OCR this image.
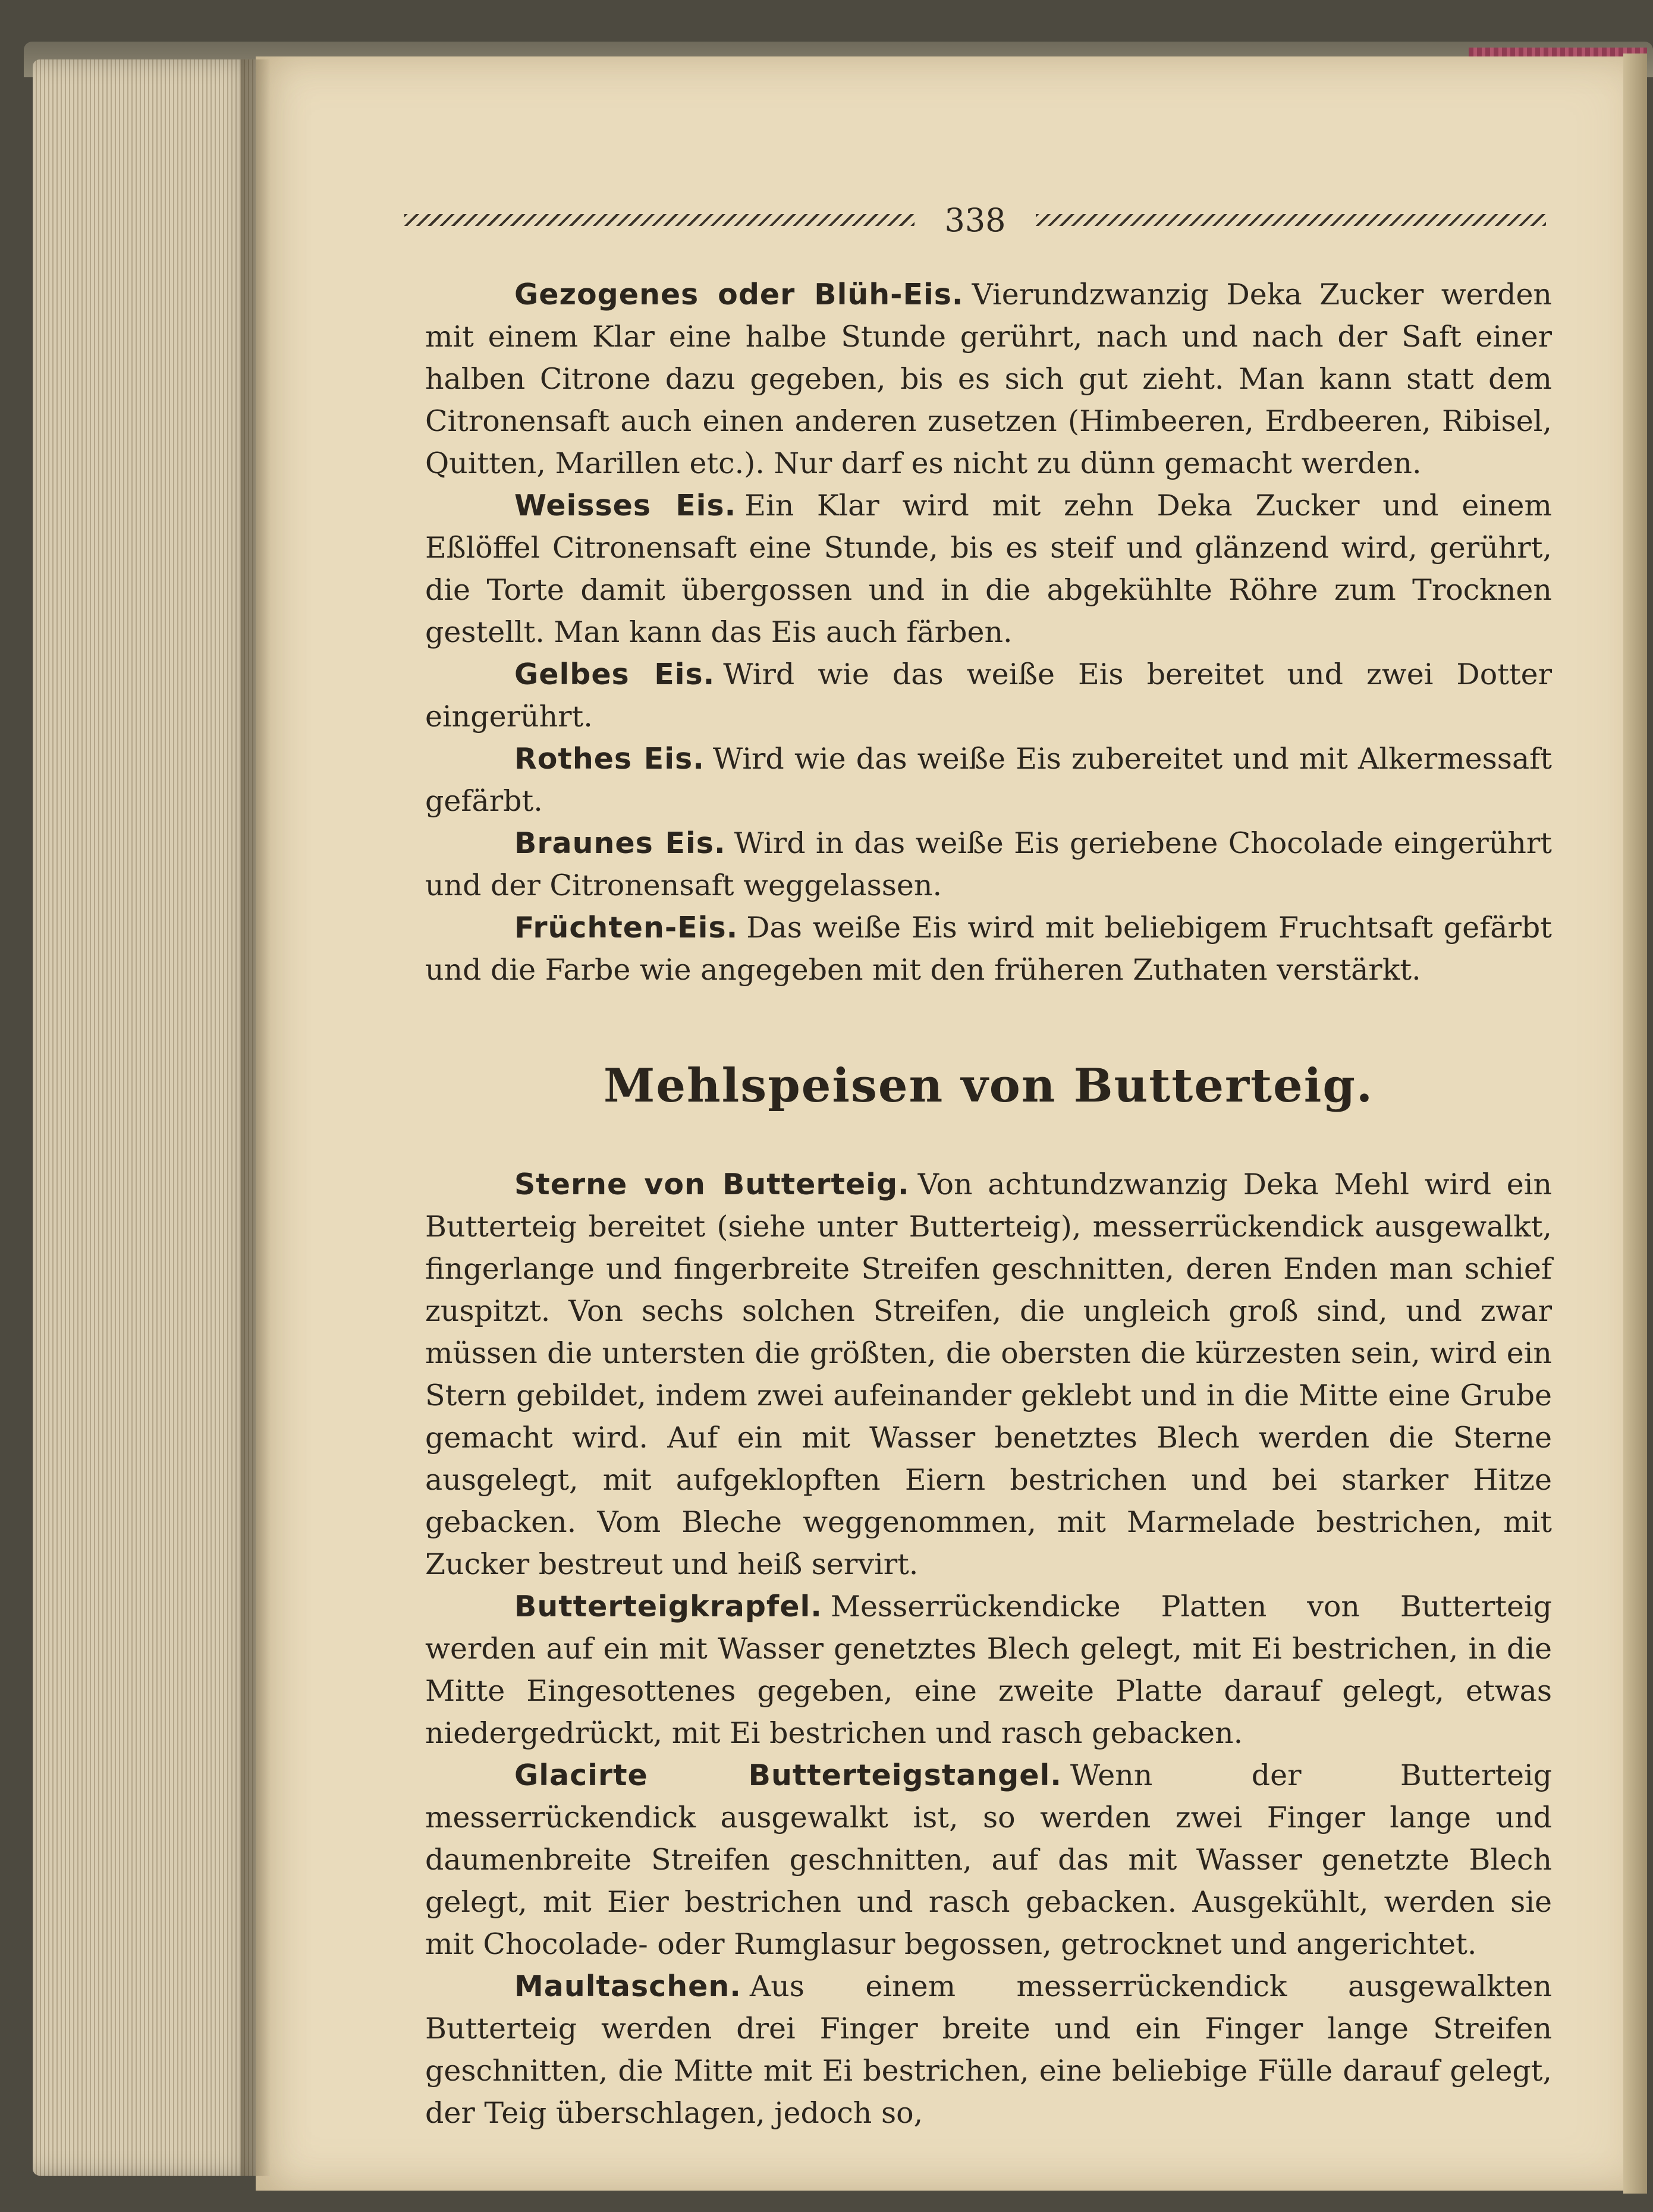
338

Gezogenes oder Blüh-Eis. Vierundzwanzig Deka Zucker werden mit einem Klar eine halbe Stunde gerührt, nach und nach der Saft einer halben Citrone dazu gegeben, bis es sich gut zieht. Man kann statt dem Citronensaft auch einen anderen zusetzen (Himbeeren, Erdbeeren, Ribisel, Quitten, Marillen etc.). Nur darf es nicht zu dünn gemacht werden.

Weisses Eis. Ein Klar wird mit zehn Deka Zucker und einem Eßlöffel Citronensaft eine Stunde, bis es steif und glänzend wird, gerührt, die Torte damit übergossen und in die abgekühlte Röhre zum Trocknen gestellt. Man kann das Eis auch färben.

Gelbes Eis. Wird wie das weiße Eis bereitet und zwei Dotter eingerührt.

Rothes Eis. Wird wie das weiße Eis zubereitet und mit Alkermessaft gefärbt.

Braunes Eis. Wird in das weiße Eis geriebene Chocolade eingerührt und der Citronensaft weggelassen.

Früchten-Eis. Das weiße Eis wird mit beliebigem Fruchtsaft gefärbt und die Farbe wie angegeben mit den früheren Zuthaten verstärkt.

Mehlspeisen von Butterteig.

Sterne von Butterteig. Von achtundzwanzig Deka Mehl wird ein Butterteig bereitet (siehe unter Butterteig), messerrückendick ausgewalkt, fingerlange und fingerbreite Streifen geschnitten, deren Enden man schief zuspitzt. Von sechs solchen Streifen, die ungleich groß sind, und zwar müssen die untersten die größten, die obersten die kürzesten sein, wird ein Stern gebildet, indem zwei aufeinander geklebt und in die Mitte eine Grube gemacht wird. Auf ein mit Wasser benetztes Blech werden die Sterne ausgelegt, mit aufgeklopften Eiern bestrichen und bei starker Hitze gebacken. Vom Bleche weggenommen, mit Marmelade bestrichen, mit Zucker bestreut und heiß servirt.

Butterteigkrapfel. Messerrückendicke Platten von Butterteig werden auf ein mit Wasser genetztes Blech gelegt, mit Ei bestrichen, in die Mitte Eingesottenes gegeben, eine zweite Platte darauf gelegt, etwas niedergedrückt, mit Ei bestrichen und rasch gebacken.

Glacirte Butterteigstangel. Wenn der Butterteig messerrückendick ausgewalkt ist, so werden zwei Finger lange und daumenbreite Streifen geschnitten, auf das mit Wasser genetzte Blech gelegt, mit Eier bestrichen und rasch gebacken. Ausgekühlt, werden sie mit Chocolade- oder Rumglasur begossen, getrocknet und angerichtet.

Maultaschen. Aus einem messerrückendick ausgewalkten Butterteig werden drei Finger breite und ein Finger lange Streifen geschnitten, die Mitte mit Ei bestrichen, eine beliebige Fülle darauf gelegt, der Teig überschlagen, jedoch so,
